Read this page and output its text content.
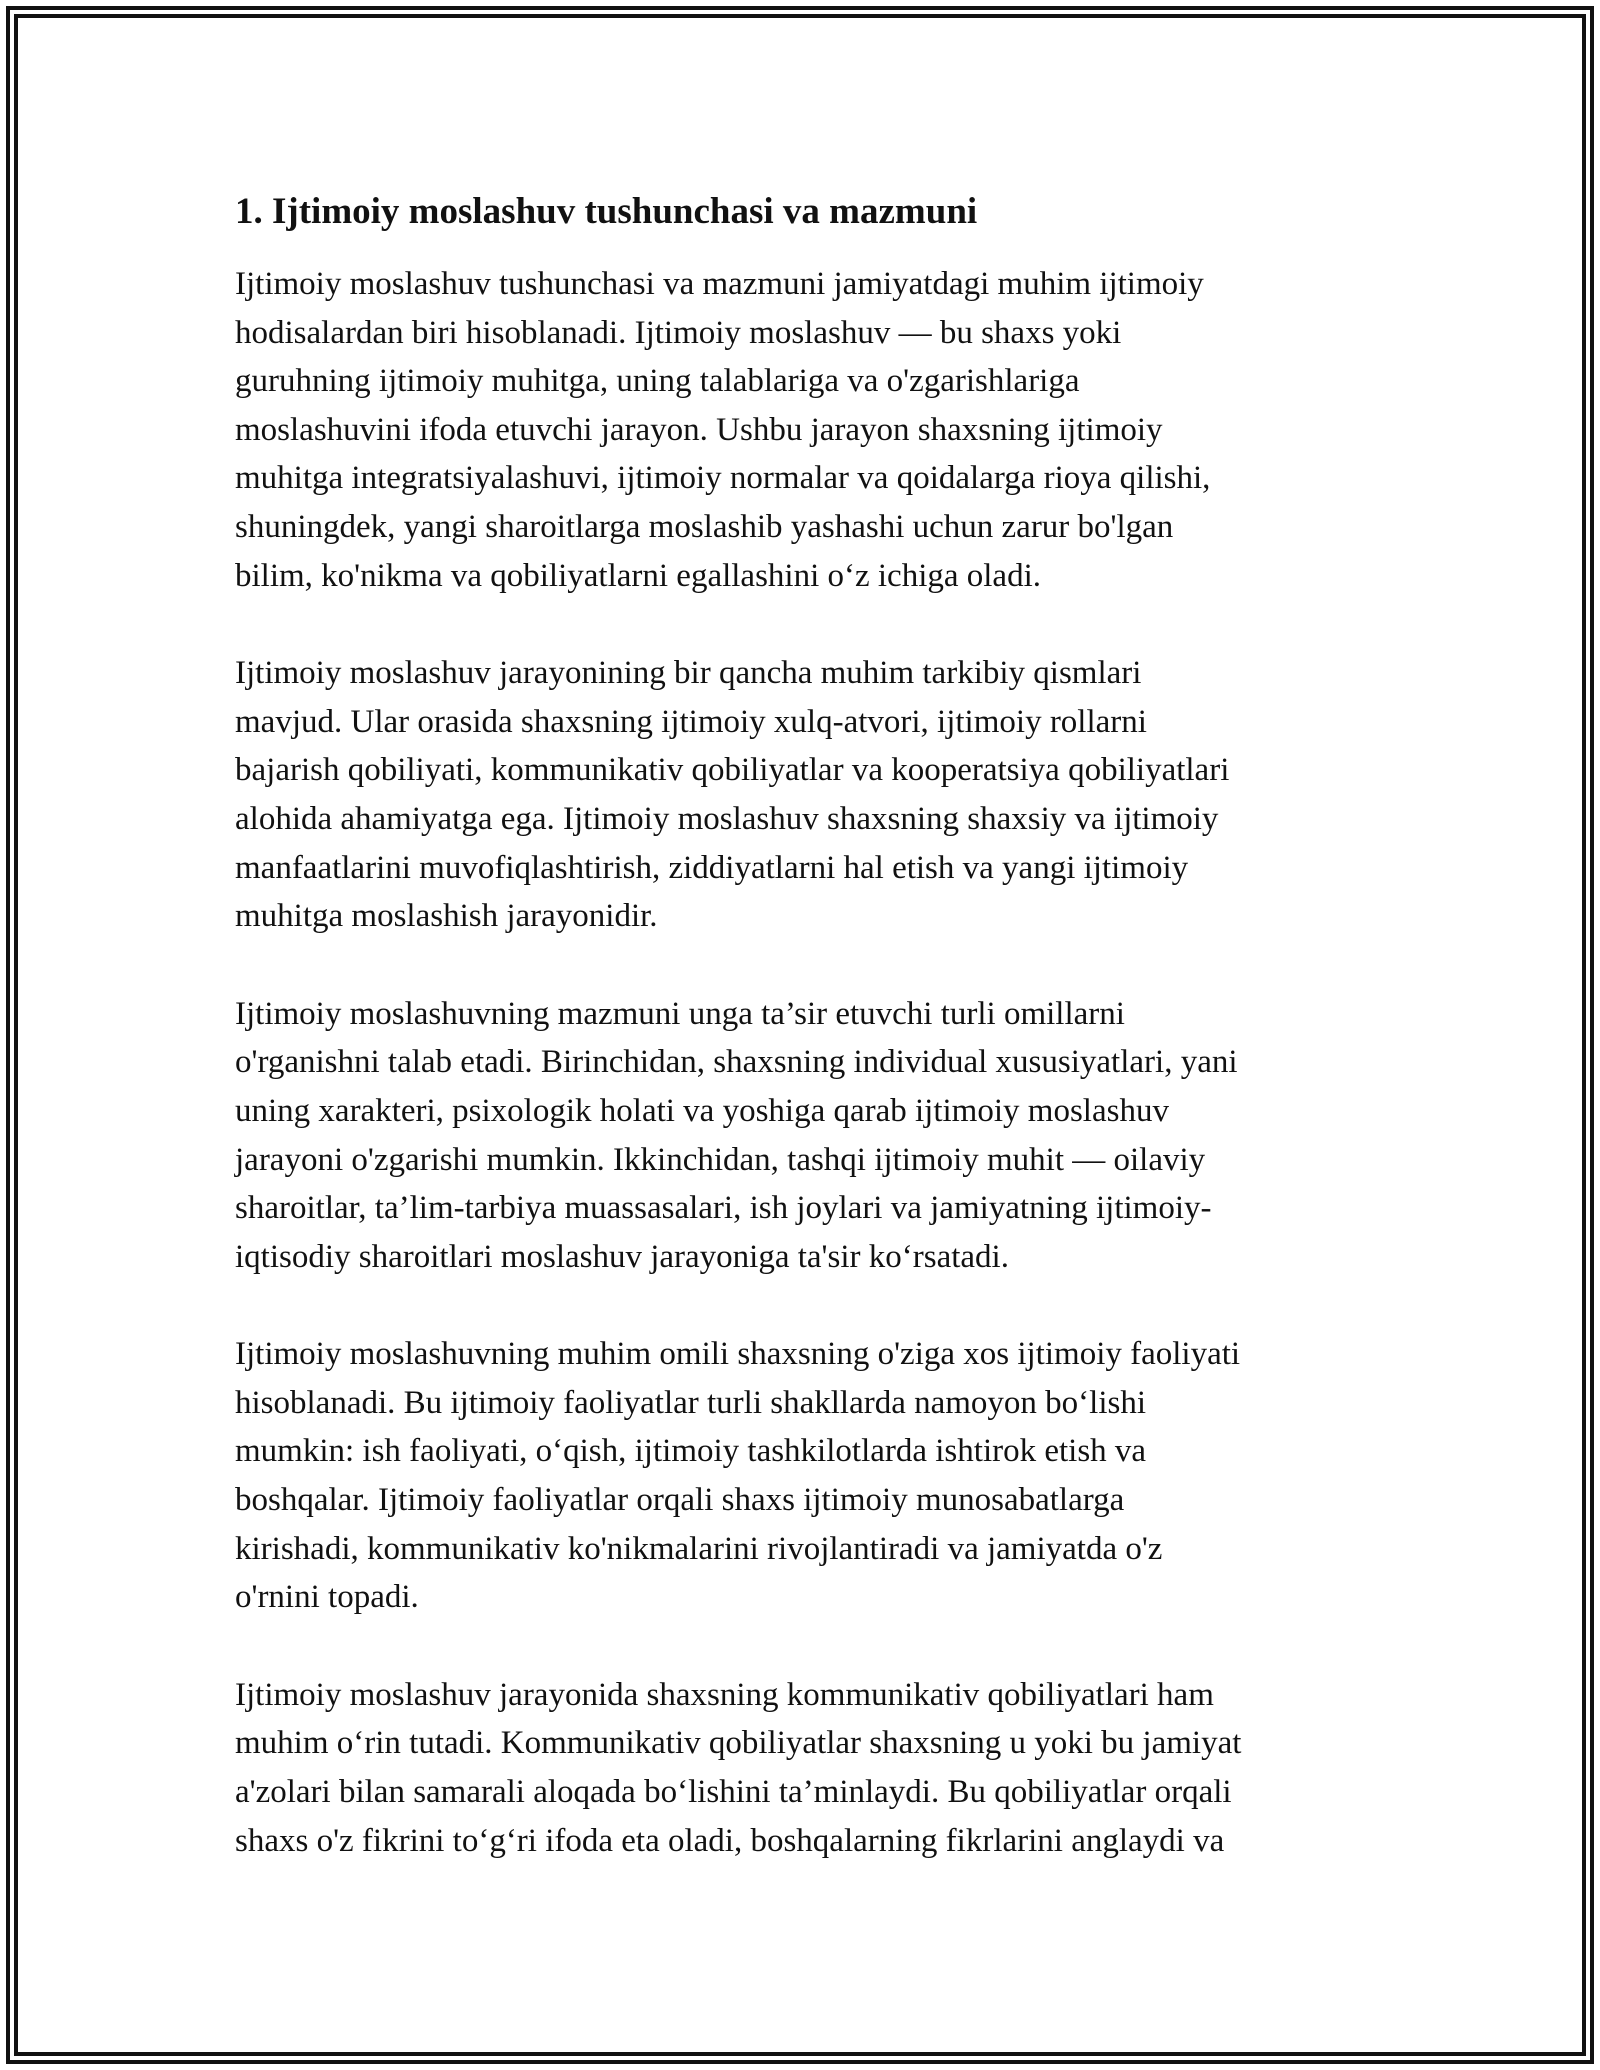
1. Ijtimoiy moslashuv tushunchasi va mazmuni

Ijtimoiy moslashuv tushunchasi va mazmuni jamiyatdagi muhim ijtimoiy
hodisalardan biri hisoblanadi. Ijtimoiy moslashuv — bu shaxs yoki
guruhning ijtimoiy muhitga, uning talablariga va o'zgarishlariga
moslashuvini ifoda etuvchi jarayon. Ushbu jarayon shaxsning ijtimoiy
muhitga integratsiyalashuvi, ijtimoiy normalar va qoidalarga rioya qilishi,
shuningdek, yangi sharoitlarga moslashib yashashi uchun zarur bo'lgan
bilim, ko'nikma va qobiliyatlarni egallashini oʻz ichiga oladi.

Ijtimoiy moslashuv jarayonining bir qancha muhim tarkibiy qismlari
mavjud. Ular orasida shaxsning ijtimoiy xulq-atvori, ijtimoiy rollarni
bajarish qobiliyati, kommunikativ qobiliyatlar va kooperatsiya qobiliyatlari
alohida ahamiyatga ega. Ijtimoiy moslashuv shaxsning shaxsiy va ijtimoiy
manfaatlarini muvofiqlashtirish, ziddiyatlarni hal etish va yangi ijtimoiy
muhitga moslashish jarayonidir.

Ijtimoiy moslashuvning mazmuni unga ta’sir etuvchi turli omillarni
o'rganishni talab etadi. Birinchidan, shaxsning individual xususiyatlari, yani
uning xarakteri, psixologik holati va yoshiga qarab ijtimoiy moslashuv
jarayoni o'zgarishi mumkin. Ikkinchidan, tashqi ijtimoiy muhit — oilaviy
sharoitlar, ta’lim-tarbiya muassasalari, ish joylari va jamiyatning ijtimoiy-
iqtisodiy sharoitlari moslashuv jarayoniga ta'sir koʻrsatadi.

Ijtimoiy moslashuvning muhim omili shaxsning o'ziga xos ijtimoiy faoliyati
hisoblanadi. Bu ijtimoiy faoliyatlar turli shakllarda namoyon boʻlishi
mumkin: ish faoliyati, oʻqish, ijtimoiy tashkilotlarda ishtirok etish va
boshqalar. Ijtimoiy faoliyatlar orqali shaxs ijtimoiy munosabatlarga
kirishadi, kommunikativ ko'nikmalarini rivojlantiradi va jamiyatda o'z
o'rnini topadi.

Ijtimoiy moslashuv jarayonida shaxsning kommunikativ qobiliyatlari ham
muhim oʻrin tutadi. Kommunikativ qobiliyatlar shaxsning u yoki bu jamiyat
a'zolari bilan samarali aloqada boʻlishini ta’minlaydi. Bu qobiliyatlar orqali
shaxs o'z fikrini toʻgʻri ifoda eta oladi, boshqalarning fikrlarini anglaydi va
